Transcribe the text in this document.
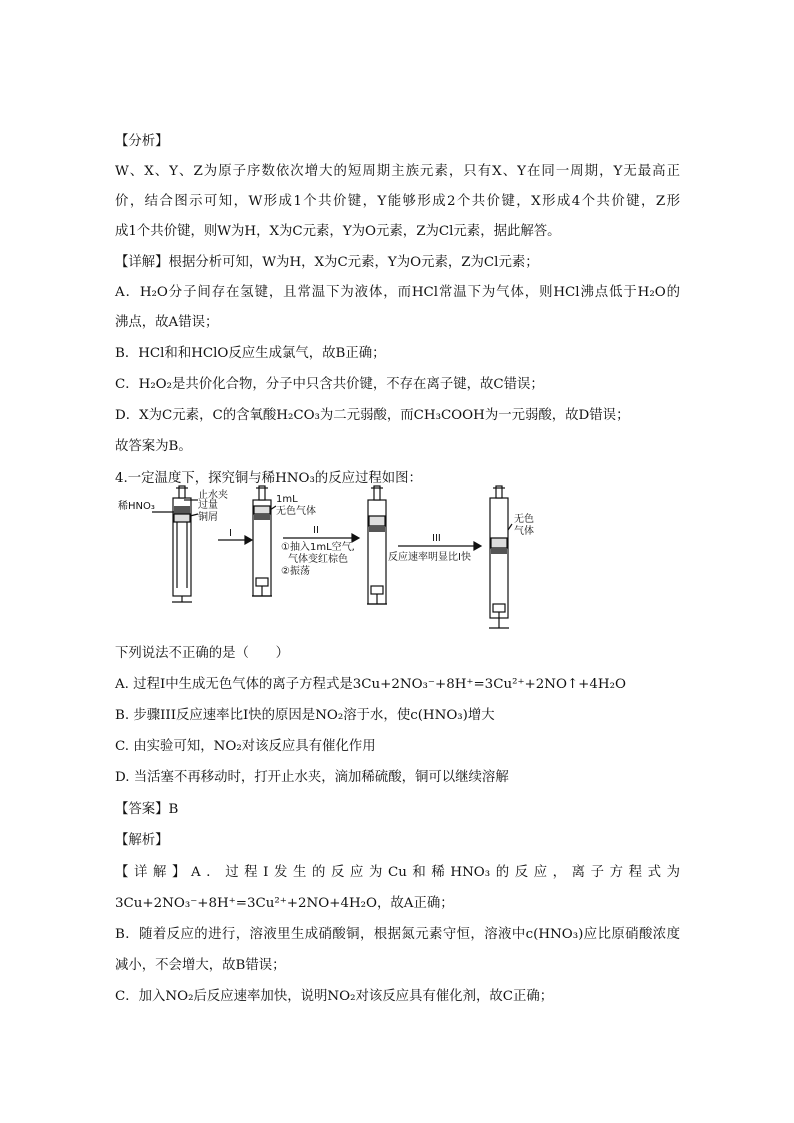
【分析】
W、X、Y、Z为原子序数依次增大的短周期主族元素，只有X、Y在同一周期，Y无最高正
价，结合图示可知，W形成1个共价键，Y能够形成2个共价键，X形成4个共价键，Z形
成1个共价键，则W为H，X为C元素，Y为O元素，Z为Cl元素，据此解答。
【详解】根据分析可知，W为H，X为C元素，Y为O元素，Z为Cl元素；
A．H₂O分子间存在氢键，且常温下为液体，而HCl常温下为气体，则HCl沸点低于H₂O的
沸点，故A错误；
B．HCl和和HClO反应生成氯气，故B正确；
C．H₂O₂是共价化合物，分子中只含共价键，不存在离子键，故C错误；
D．X为C元素，C的含氧酸H₂CO₃为二元弱酸，而CH₃COOH为一元弱酸，故D错误；
故答案为B。
4.一定温度下，探究铜与稀HNO₃的反应过程如图：
止水夹
稀HNO₃	过量
铜屑
I
1mL
无色气体
II
①抽入1mL空气,
气体变红棕色
②振荡
III
反应速率明显比I快
无色
气体
下列说法不正确的是（　　）
A. 过程I中生成无色气体的离子方程式是3Cu+2NO₃⁻+8H⁺=3Cu²⁺+2NO↑+4H₂O
B. 步骤III反应速率比I快的原因是NO₂溶于水，使c(HNO₃)增大
C. 由实验可知，NO₂对该反应具有催化作用
D. 当活塞不再移动时，打开止水夹，滴加稀硫酸，铜可以继续溶解
【答案】B
【解析】
【详解】A．过程I发生的反应为Cu和稀HNO₃的反应，离子方程式为
3Cu+2NO₃⁻+8H⁺=3Cu²⁺+2NO+4H₂O，故A正确；
B．随着反应的进行，溶液里生成硝酸铜，根据氮元素守恒，溶液中c(HNO₃)应比原硝酸浓度
减小，不会增大，故B错误；
C．加入NO₂后反应速率加快，说明NO₂对该反应具有催化剂，故C正确；
